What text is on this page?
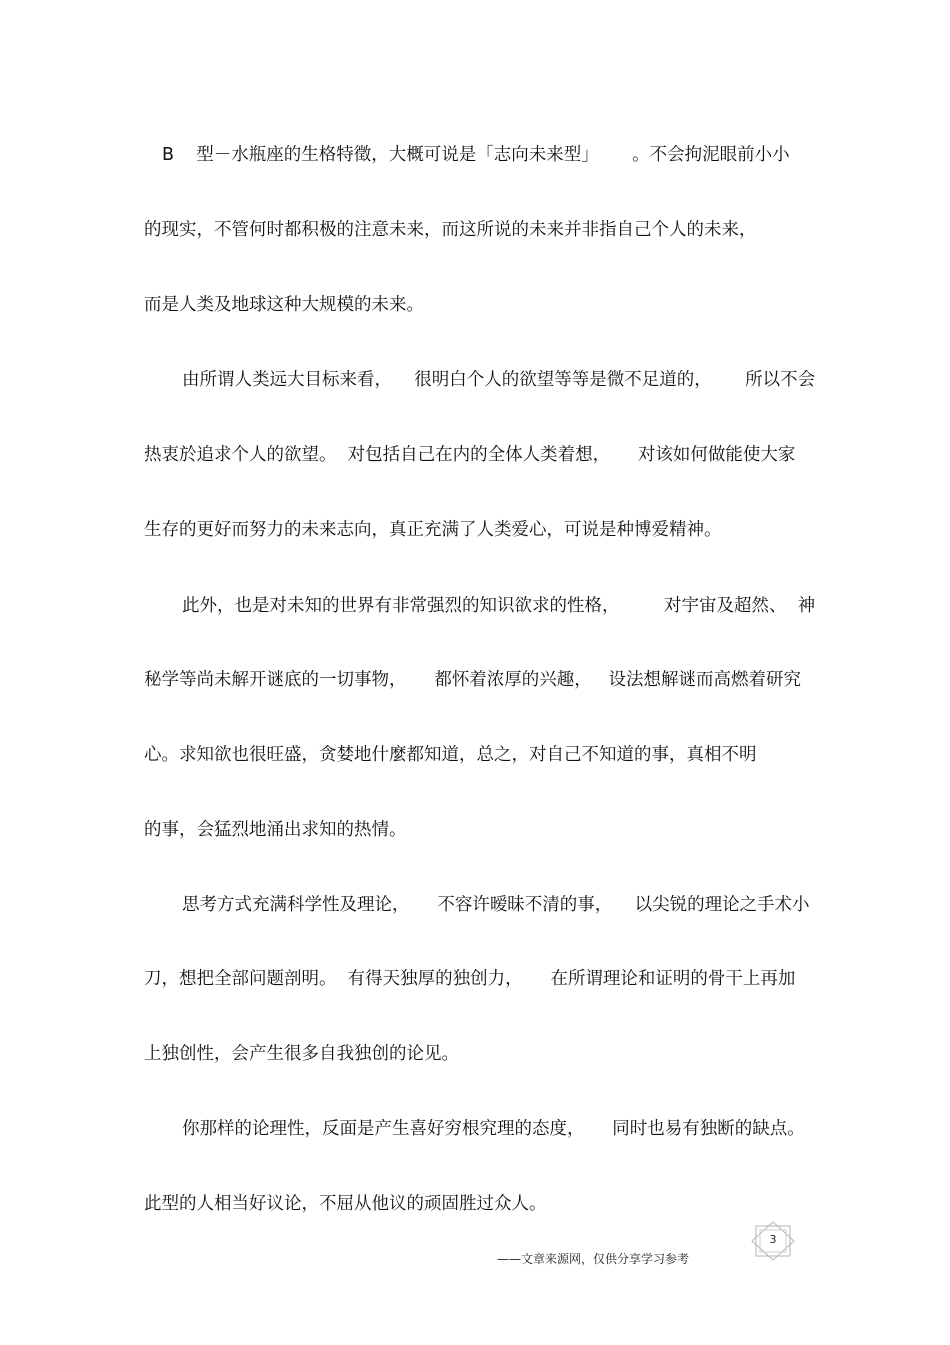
B    型－水瓶座的生格特徵，大概可说是「志向未来型」      。不会拘泥眼前小小

的现实，不管何时都积极的注意未来，而这所说的未来并非指自己个人的未来，

而是人类及地球这种大规模的未来。

由所谓人类远大目标来看，    很明白个人的欲望等等是微不足道的，      所以不会

热衷於追求个人的欲望。  对包括自己在内的全体人类着想，     对该如何做能使大家

生存的更好而努力的未来志向，真正充满了人类爱心，可说是种博爱精神。

此外，也是对未知的世界有非常强烈的知识欲求的性格，        对宇宙及超然、  神

秘学等尚未解开谜底的一切事物，     都怀着浓厚的兴趣，   设法想解谜而高燃着研究

心。求知欲也很旺盛，贪婪地什麼都知道，总之，对自己不知道的事，真相不明

的事，会猛烈地涌出求知的热情。

思考方式充满科学性及理论，     不容许暧昧不清的事，    以尖锐的理论之手术小

刀，想把全部问题剖明。  有得天独厚的独创力，     在所谓理论和证明的骨干上再加

上独创性，会产生很多自我独创的论见。

你那样的论理性，反面是产生喜好穷根究理的态度，     同时也易有独断的缺点。

此型的人相当好议论，不屈从他议的顽固胜过众人。

3
——文章来源网，仅供分享学习参考
